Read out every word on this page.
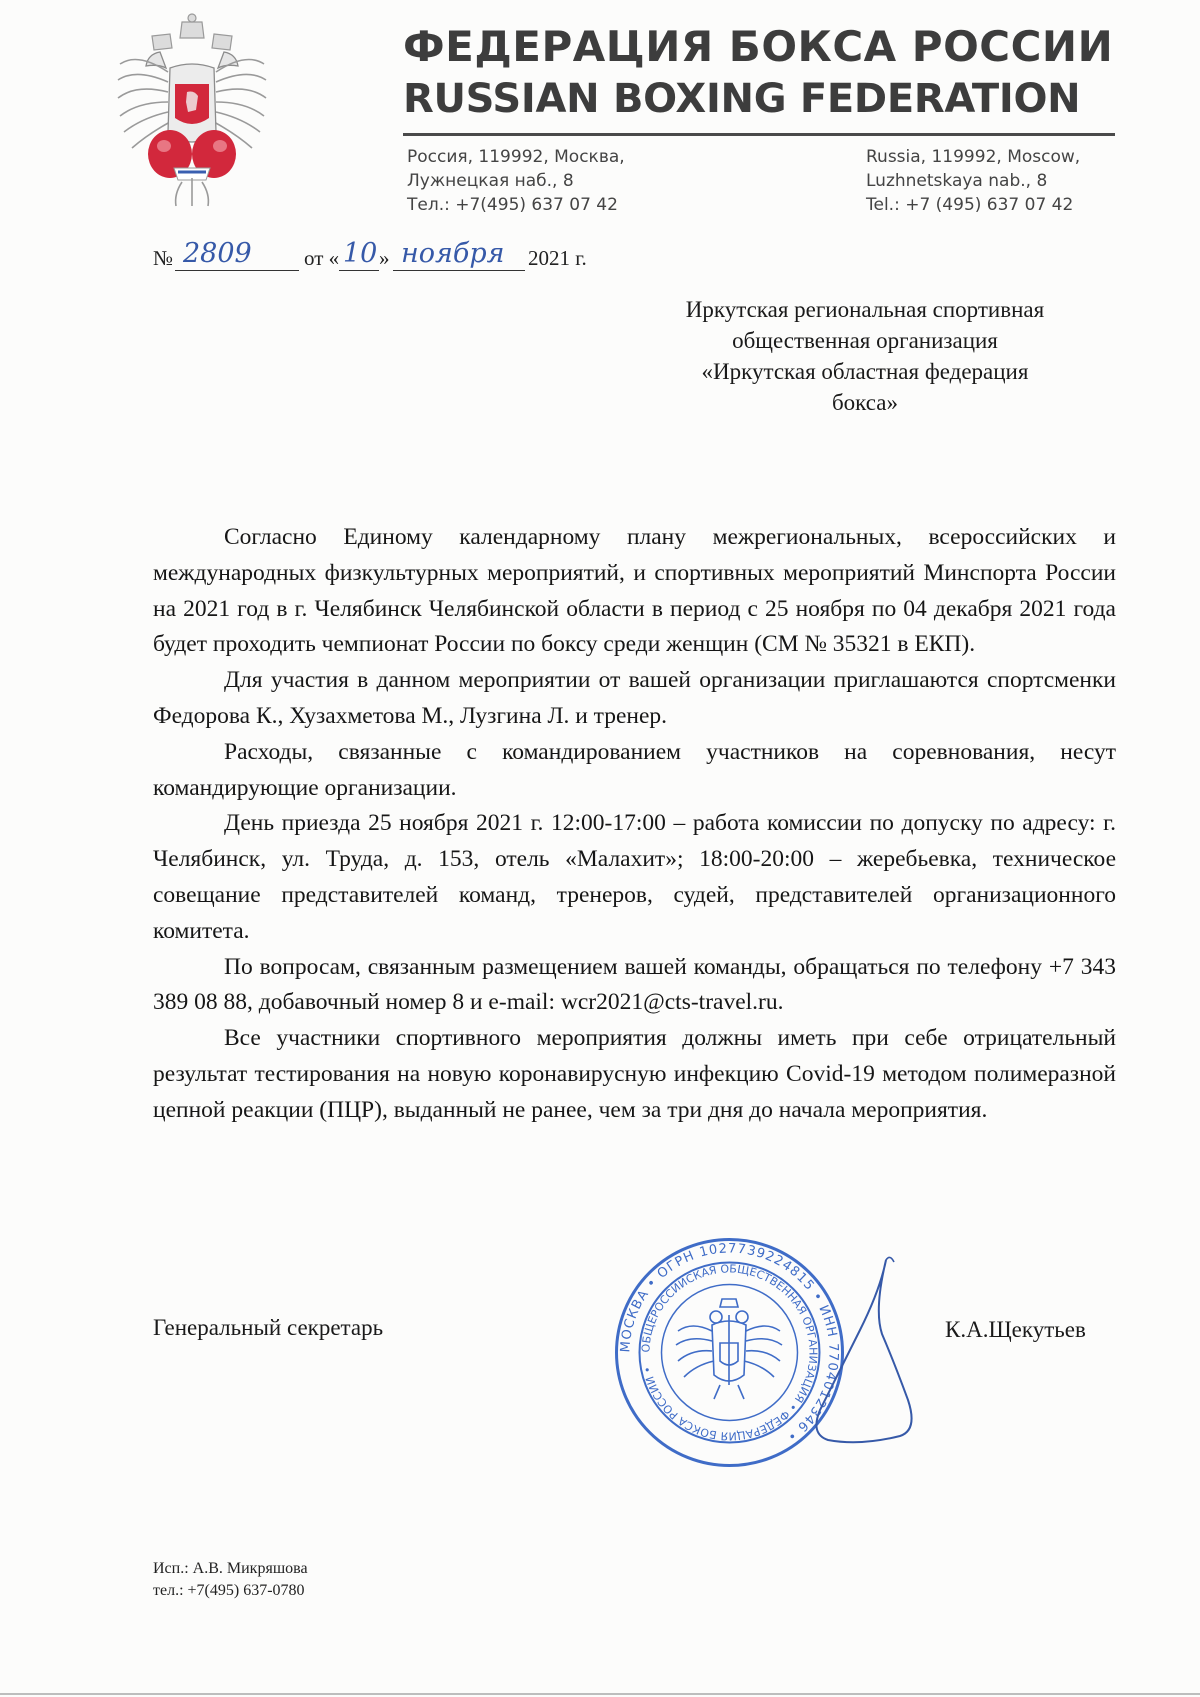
ФЕДЕРАЦИЯ БОКСА РОССИИ
RUSSIAN BOXING FEDERATION
Россия, 119992, Москва,
Лужнецкая наб., 8
Тел.: +7(495) 637 07 42
Russia, 119992, Moscow,
Luzhnetskaya nab., 8
Tel.: +7 (495) 637 07 42
№ 2809 от « 10 » ноября 2021 г.
Иркутская региональная спортивная
общественная организация
«Иркутская областная федерация
бокса»

Согласно Единому календарному плану межрегиональных, всероссийских и международных физкультурных мероприятий, и спортивных мероприятий Минспорта России на 2021 год в г. Челябинск Челябинской области в период с 25 ноября по 04 декабря 2021 года будет проходить чемпионат России по боксу среди женщин (СМ № 35321 в ЕКП).

Для участия в данном мероприятии от вашей организации приглашаются спортсменки Федорова К., Хузахметова М., Лузгина Л. и тренер.

Расходы, связанные с командированием участников на соревнования, несут командирующие организации.

День приезда 25 ноября 2021 г. 12:00-17:00 – работа комиссии по допуску по адресу: г. Челябинск, ул. Труда, д. 153, отель «Малахит»; 18:00-20:00 – жеребьевка, техническое совещание представителей команд, тренеров, судей, представителей организационного комитета.

По вопросам, связанным размещением вашей команды, обращаться по телефону +7 343 389 08 88, добавочный номер 8 и e-mail: wcr2021@cts-travel.ru.

Все участники спортивного мероприятия должны иметь при себе отрицательный результат тестирования на новую коронавирусную инфекцию Covid-19 методом полимеразной цепной реакции (ПЦР), выданный не ранее, чем за три дня до начала мероприятия.

МОСКВА • ОГРН 1027739224815 • ИНН 7704012346 •
ОБЩЕРОССИЙСКАЯ ОБЩЕСТВЕННАЯ ОРГАНИЗАЦИЯ • ФЕДЕРАЦИЯ БОКСА РОССИИ •
Генеральный секретарь	К.А.Щекутьев
Исп.: А.В. Микряшова
тел.: +7(495) 637-0780
